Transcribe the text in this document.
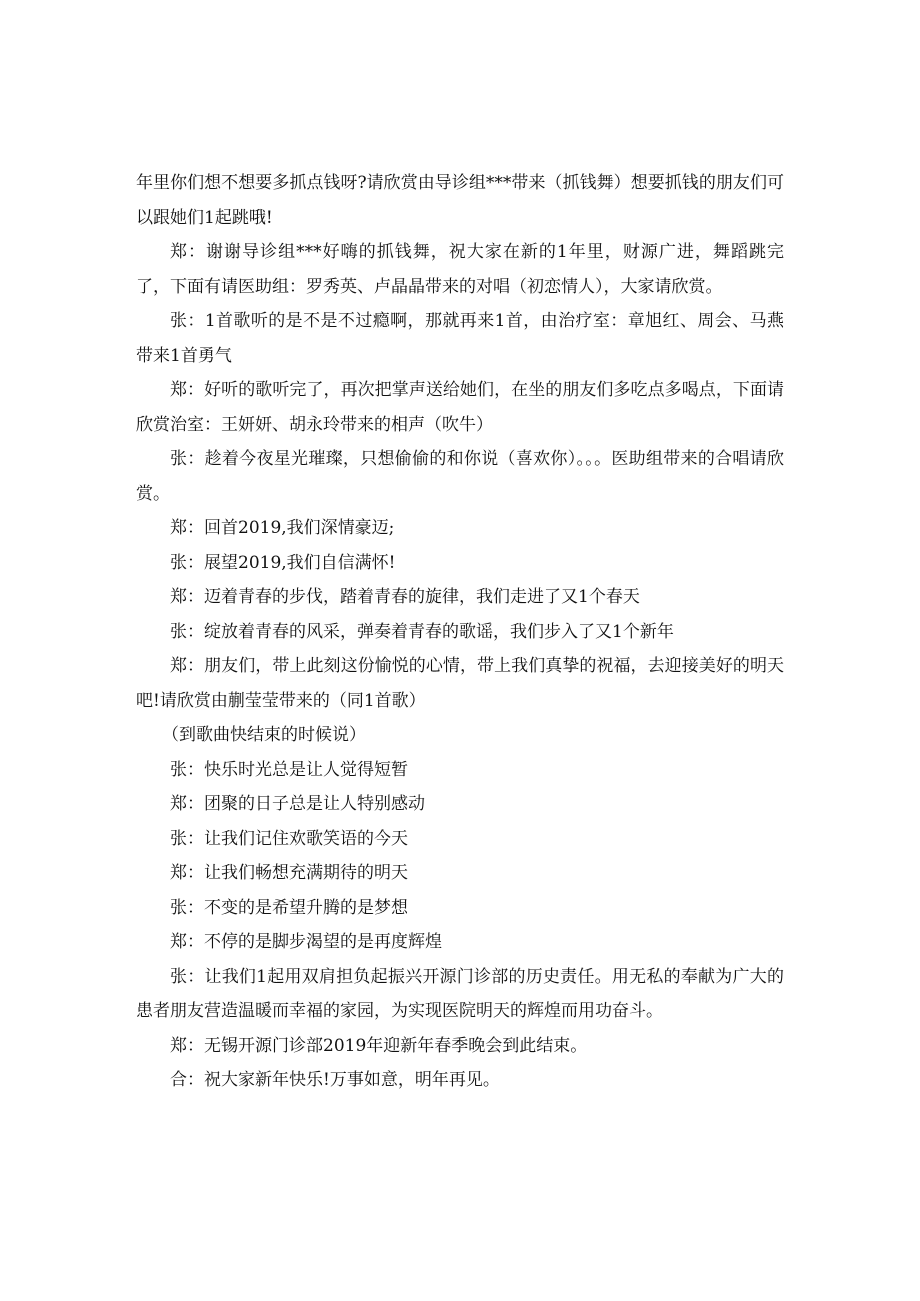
年里你们想不想要多抓点钱呀?请欣赏由导诊组***带来（抓钱舞）想要抓钱的朋友们可以跟她们1起跳哦!

郑：谢谢导诊组***好嗨的抓钱舞，祝大家在新的1年里，财源广进，舞蹈跳完了，下面有请医助组：罗秀英、卢晶晶带来的对唱（初恋情人），大家请欣赏。

张：1首歌听的是不是不过瘾啊，那就再来1首，由治疗室：章旭红、周会、马燕带来1首勇气

郑：好听的歌听完了，再次把掌声送给她们，在坐的朋友们多吃点多喝点，下面请欣赏治室：王妍妍、胡永玲带来的相声（吹牛）

张：趁着今夜星光璀璨，只想偷偷的和你说（喜欢你）。。。医助组带来的合唱请欣赏。

郑：回首2019,我们深情豪迈;

张：展望2019,我们自信满怀!

郑：迈着青春的步伐，踏着青春的旋律，我们走进了又1个春天

张：绽放着青春的风采，弹奏着青春的歌谣，我们步入了又1个新年

郑：朋友们，带上此刻这份愉悦的心情，带上我们真挚的祝福，去迎接美好的明天吧!请欣赏由蒯莹莹带来的（同1首歌）

（到歌曲快结束的时候说）

张：快乐时光总是让人觉得短暂

郑：团聚的日子总是让人特别感动

张：让我们记住欢歌笑语的今天

郑：让我们畅想充满期待的明天

张：不变的是希望升腾的是梦想

郑：不停的是脚步渴望的是再度辉煌

张：让我们1起用双肩担负起振兴开源门诊部的历史责任。用无私的奉献为广大的患者朋友营造温暖而幸福的家园，为实现医院明天的辉煌而用功奋斗。

郑：无锡开源门诊部2019年迎新年春季晚会到此结束。

合：祝大家新年快乐!万事如意，明年再见。
